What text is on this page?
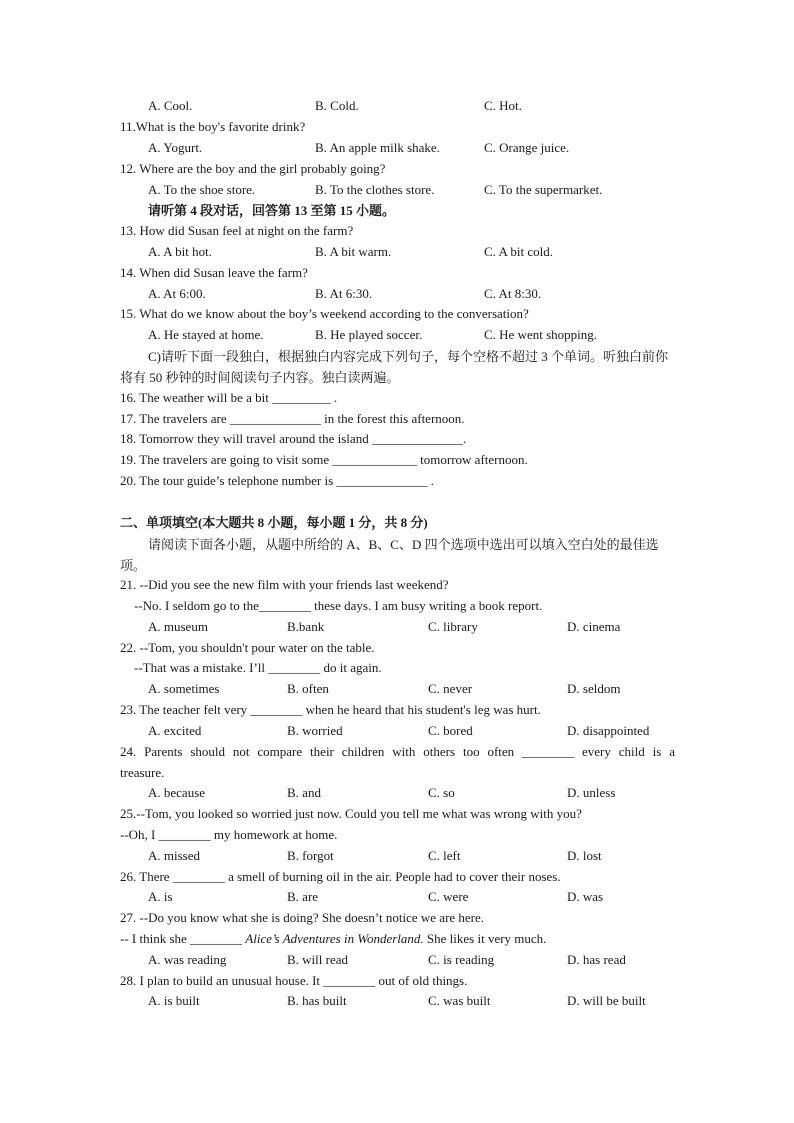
A. Cool.	B. Cold.	C. Hot.
11.What is the boy's favorite drink?
A. Yogurt.	B. An apple milk shake.	C. Orange juice.
12. Where are the boy and the girl probably going?
A. To the shoe store.	B. To the clothes store.	C. To the supermarket.
请听第 4 段对话，回答第 13 至第 15 小题。
13. How did Susan feel at night on the farm?
A. A bit hot.	B. A bit warm.	C. A bit cold.
14. When did Susan leave the farm?
A. At 6:00.	B. At 6:30.	C. At 8:30.
15. What do we know about the boy’s weekend according to the conversation?
A. He stayed at home.	B. He played soccer.	C. He went shopping.
C)请听下面一段独白，根据独白内容完成下列句子，每个空格不超过 3 个单词。听独白前你将有 50 秒钟的时间阅读句子内容。独白读两遍。
16. The weather will be a bit _________ .
17. The travelers are ______________ in the forest this afternoon.
18. Tomorrow they will travel around the island ______________.
19. The travelers are going to visit some _____________ tomorrow afternoon.
20. The tour guide’s telephone number is ______________ .
二、单项填空(本大题共 8 小题，每小题 1 分，共 8 分)
请阅读下面各小题，从题中所给的 A、B、C、D 四个选项中选出可以填入空白处的最佳选项。
21. --Did you see the new film with your friends last weekend?
--No. I seldom go to the________ these days. I am busy writing a book report.
A. museum	B.bank	C. library	D. cinema
22. --Tom, you shouldn't pour water on the table.
--That was a mistake. I’ll ________ do it again.
A. sometimes	B. often	C. never	D. seldom
23. The teacher felt very ________ when he heard that his student's leg was hurt.
A. excited	B. worried	C. bored	D. disappointed
24. Parents should not compare their children with others too often ________ every child is a
treasure.
A. because	B. and	C. so	D. unless
25.--Tom, you looked so worried just now. Could you tell me what was wrong with you?
--Oh, I ________ my homework at home.
A. missed	B. forgot	C. left	D. lost
26. There ________ a smell of burning oil in the air. People had to cover their noses.
A. is	B. are	C. were	D. was
27. --Do you know what she is doing? She doesn’t notice we are here.
-- I think she ________ Alice’s Adventures in Wonderland. She likes it very much.
A. was reading	B. will read	C. is reading	D. has read
28. I plan to build an unusual house. It ________ out of old things.
A. is built	B. has built	C. was built	D. will be built
